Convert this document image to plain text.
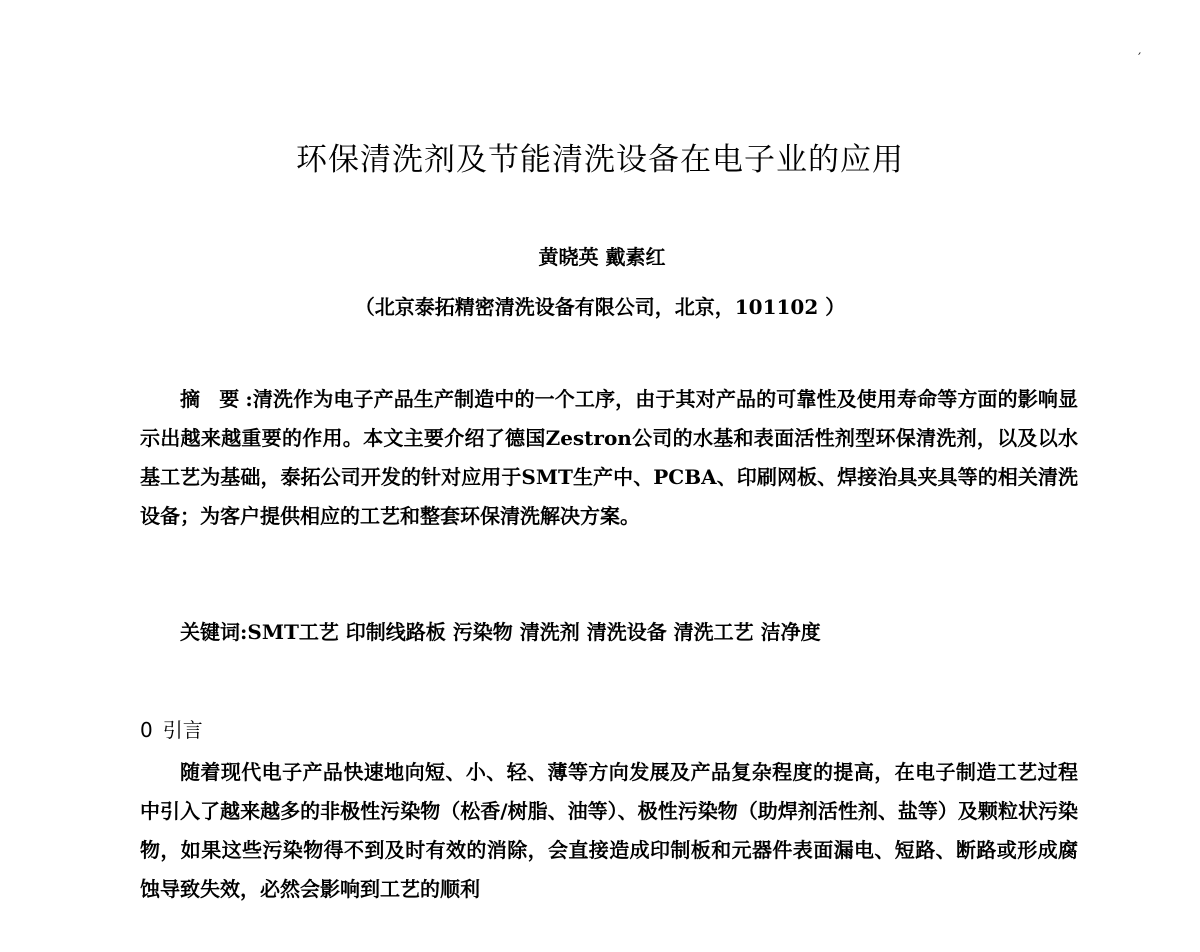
′
环保清洗剂及节能清洗设备在电子业的应用
黄晓英 戴素红
（北京泰拓精密清洗设备有限公司，北京，101102 ）

摘 要:清洗作为电子产品生产制造中的一个工序，由于其对产品的可靠性及使用寿命等方面的影响显示出越来越重要的作用。本文主要介绍了德国Zestron公司的水基和表面活性剂型环保清洗剂，以及以水基工艺为基础，泰拓公司开发的针对应用于SMT生产中、PCBA、印刷网板、焊接治具夹具等的相关清洗设备；为客户提供相应的工艺和整套环保清洗解决方案。

关键词:SMT工艺 印制线路板 污染物 清洗剂 清洗设备 清洗工艺 洁净度

0 引言

随着现代电子产品快速地向短、小、轻、薄等方向发展及产品复杂程度的提高，在电子制造工艺过程中引入了越来越多的非极性污染物（松香/树脂、油等）、极性污染物（助焊剂活性剂、盐等）及颗粒状污染物，如果这些污染物得不到及时有效的消除，会直接造成印制板和元器件表面漏电、短路、断路或形成腐蚀导致失效，必然会影响到工艺的顺利
